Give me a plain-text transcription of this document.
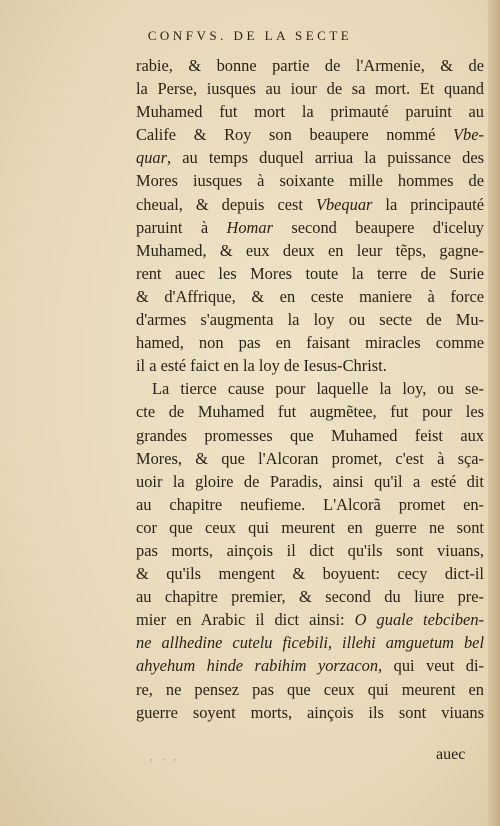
CONFVS. DE LA SECTE
rabie, & bonne partie de l'Armenie, & de
la Perse, iusques au iour de sa mort. Et quand
Muhamed fut mort la primauté paruint au
Calife & Roy son beaupere nommé Vbe-
quar, au temps duquel arriua la puissance des
Mores iusques à soixante mille hommes de
cheual, & depuis cest Vbequar la principauté
paruint à Homar second beaupere d'iceluy
Muhamed, & eux deux en leur tẽps, gagne-
rent auec les Mores toute la terre de Surie
& d'Affrique, & en ceste maniere à force
d'armes s'augmenta la loy ou secte de Mu-
hamed, non pas en faisant miracles comme
il a esté faict en la loy de Iesus-Christ.
La tierce cause pour laquelle la loy, ou se-
cte de Muhamed fut augmẽtee, fut pour les
grandes promesses que Muhamed feist aux
Mores, & que l'Alcoran promet, c'est à sça-
uoir la gloire de Paradis, ainsi qu'il a esté dit
au chapitre neufieme. L'Alcorã promet en-
cor que ceux qui meurent en guerre ne sont
pas morts, ainçois il dict qu'ils sont viuans,
& qu'ils mengent & boyuent: cecy dict-il
au chapitre premier, & second du liure pre-
mier en Arabic il dict ainsi: O guale tebciben-
ne allhedine cutelu ficebili, illehi amguetum bel
ahyehum hinde rabihim yorzacon, qui veut di-
re, ne pensez pas que ceux qui meurent en
guerre soyent morts, ainçois ils sont viuans
· · ·	auec
